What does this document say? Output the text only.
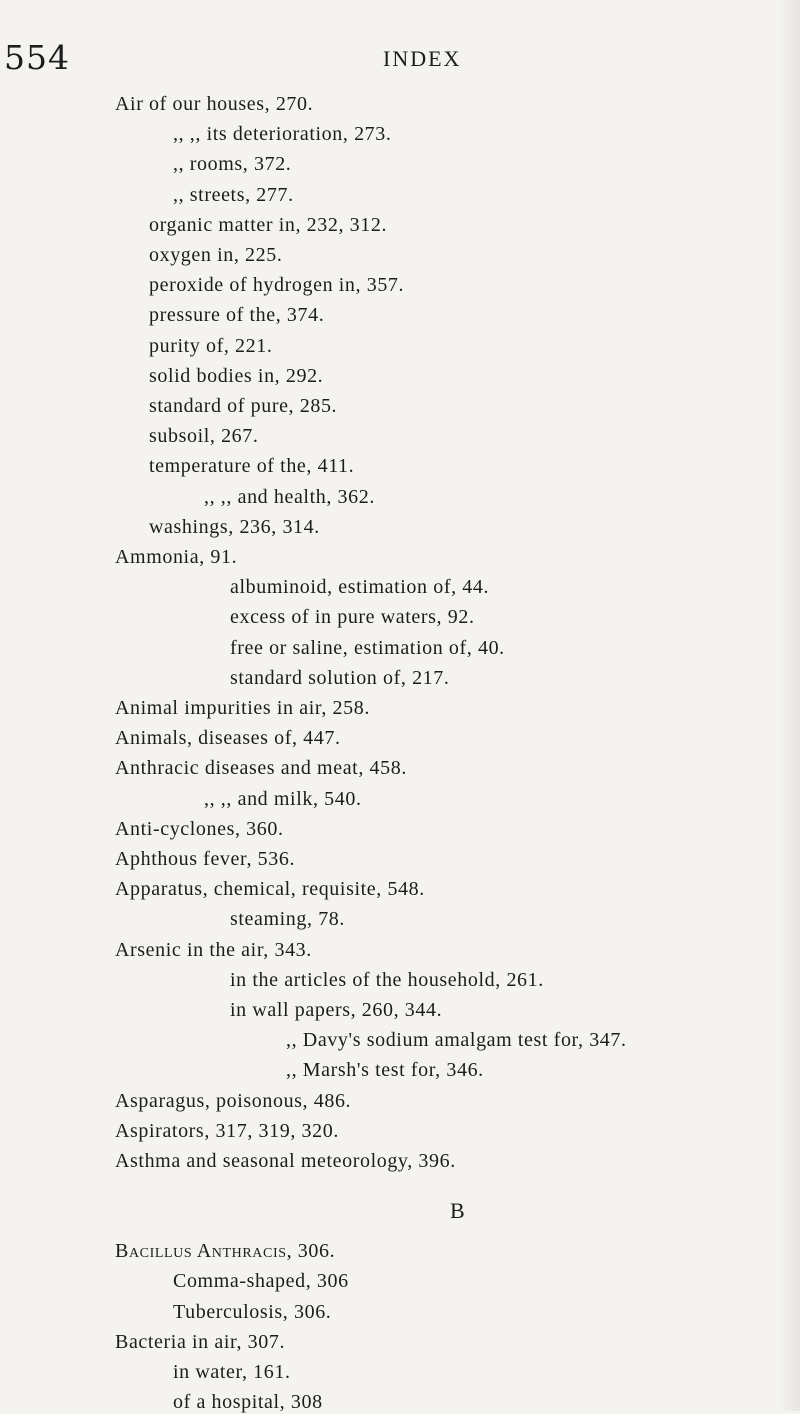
554	INDEX
Air of our houses, 270.
,, ,, its deterioration, 273.
,, rooms, 372.
,, streets, 277.
organic matter in, 232, 312.
oxygen in, 225.
peroxide of hydrogen in, 357.
pressure of the, 374.
purity of, 221.
solid bodies in, 292.
standard of pure, 285.
subsoil, 267.
temperature of the, 411.
,, ,, and health, 362.
washings, 236, 314.
Ammonia, 91.
albuminoid, estimation of, 44.
excess of in pure waters, 92.
free or saline, estimation of, 40.
standard solution of, 217.
Animal impurities in air, 258.
Animals, diseases of, 447.
Anthracic diseases and meat, 458.
,, ,, and milk, 540.
Anti-cyclones, 360.
Aphthous fever, 536.
Apparatus, chemical, requisite, 548.
steaming, 78.
Arsenic in the air, 343.
in the articles of the household, 261.
in wall papers, 260, 344.
,, Davy's sodium amalgam test for, 347.
,, Marsh's test for, 346.
Asparagus, poisonous, 486.
Aspirators, 317, 319, 320.
Asthma and seasonal meteorology, 396.
B
Bacillus Anthracis, 306.
Comma-shaped, 306
Tuberculosis, 306.
Bacteria in air, 307.
in water, 161.
of a hospital, 308
